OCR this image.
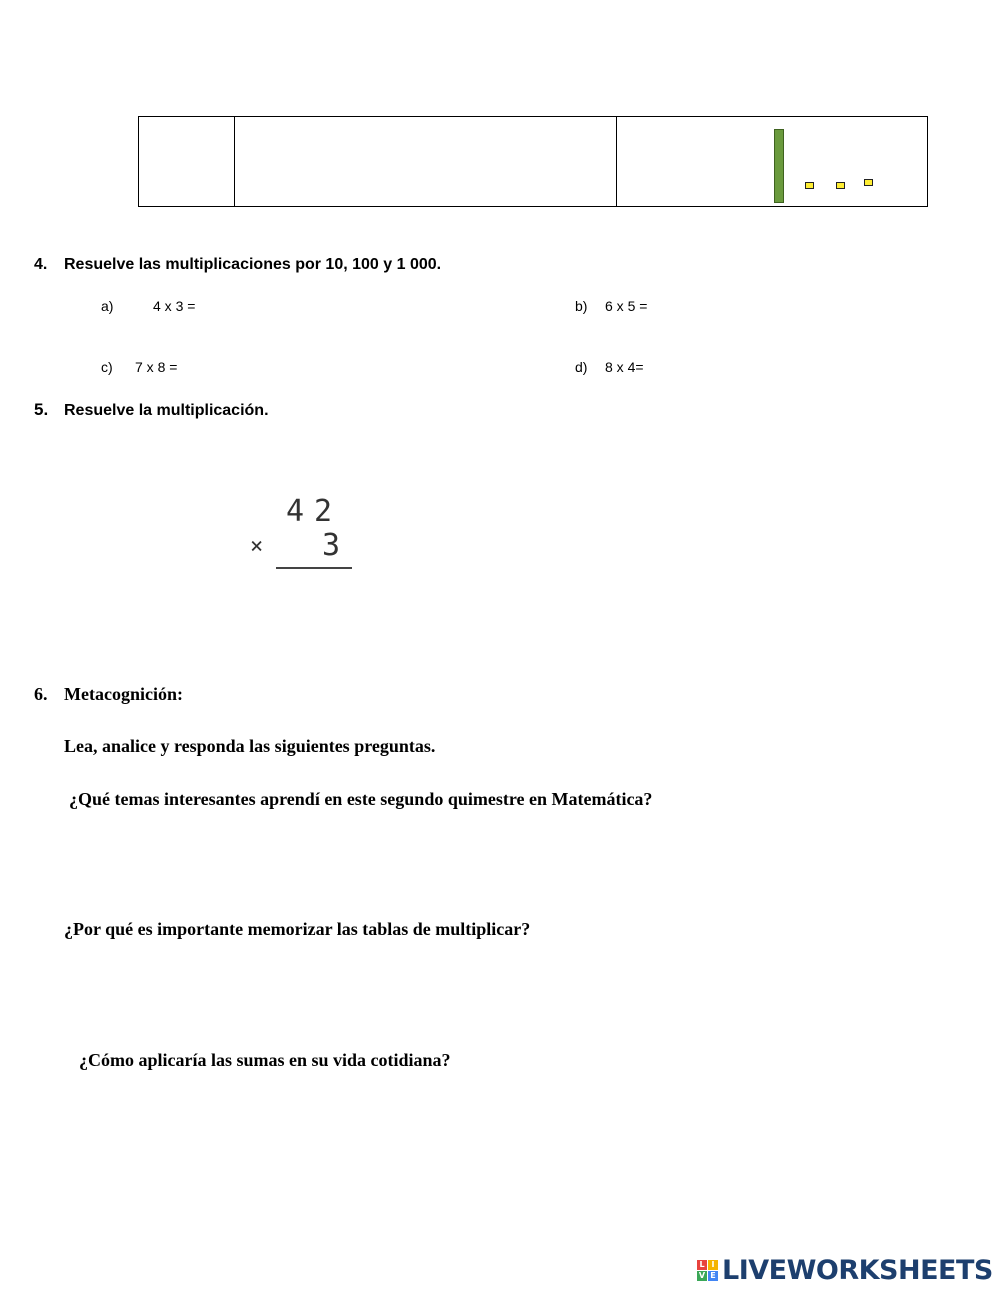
4. Resuelve las multiplicaciones por 10, 100 y 1 000.
a)	4 x 3 =	b) 6 x 5 =
c) 7 x 8 =	d) 8 x 4=
5. Resuelve la multiplicación.
42
× 3
6. Metacognición:
Lea, analice y responda las siguientes preguntas.
¿Qué temas interesantes aprendí en este segundo quimestre en Matemática?
¿Por qué es importante memorizar las tablas de multiplicar?
¿Cómo aplicaría las sumas en su vida cotidiana?
L I
V E LIVEWORKSHEETS
